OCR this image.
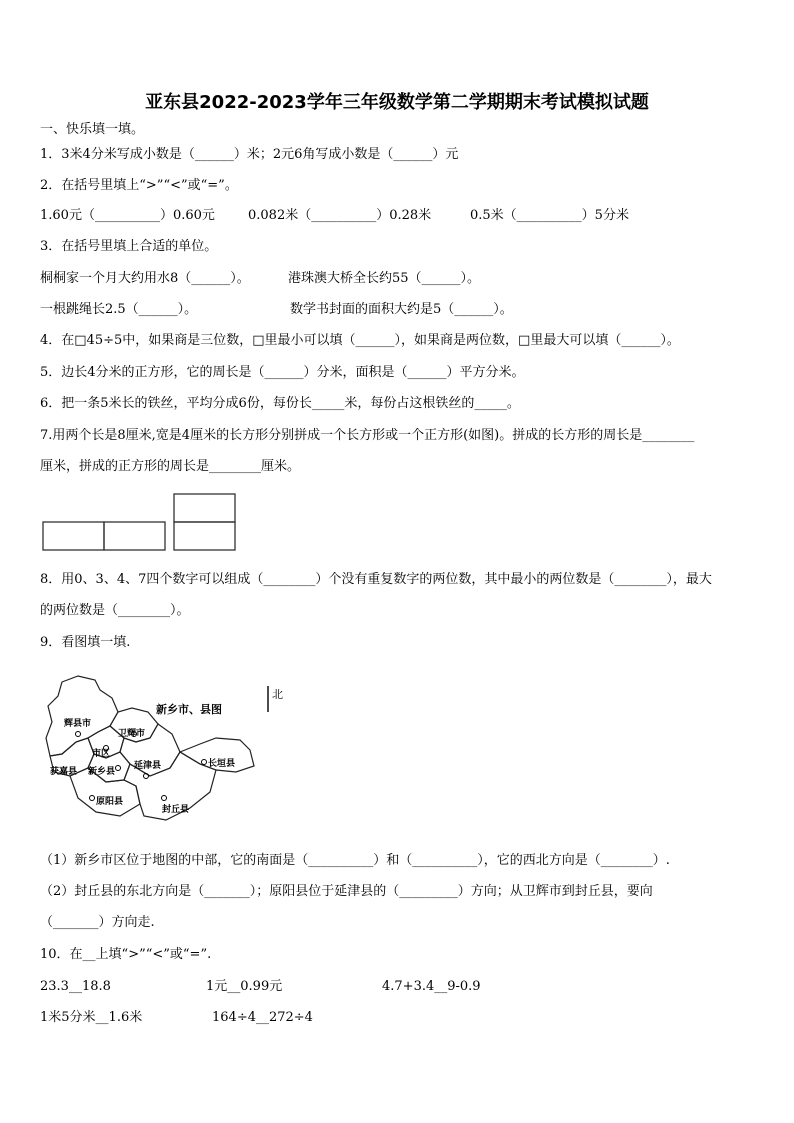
亚东县2022-2023学年三年级数学第二学期期末考试模拟试题
一、快乐填一填。
1．3米4分米写成小数是（______）米；2元6角写成小数是（______）元
2．在括号里填上“>”“<”或“=”。
1.60元（__________）0.60元	0.082米（__________）0.28米	0.5米（__________）5分米
3．在括号里填上合适的单位。
桐桐家一个月大约用水8（______）。	港珠澳大桥全长约55（______）。
一根跳绳长2.5（______）。	数学书封面的面积大约是5（______）。
4．在□45÷5中，如果商是三位数，□里最小可以填（______），如果商是两位数，□里最大可以填（______）。
5．边长4分米的正方形，它的周长是（______）分米，面积是（______）平方分米。
6．把一条5米长的铁丝，平均分成6份，每份长_____米，每份占这根铁丝的_____。
7.用两个长是8厘米,宽是4厘米的长方形分别拼成一个长方形或一个正方形(如图)。拼成的长方形的周长是________
厘米，拼成的正方形的周长是________厘米。
8．用0、3、4、7四个数字可以组成（________）个没有重复数字的两位数，其中最小的两位数是（________），最大
的两位数是（________）。
9．看图填一填.
辉县市
卫辉市
市区
获嘉县 新乡县
延津县	长垣县
原阳县
封丘县
新乡市、县图
北
（1）新乡市区位于地图的中部，它的南面是（__________）和（__________），它的西北方向是（________）.
（2）封丘县的东北方向是（_______）；原阳县位于延津县的（_________）方向；从卫辉市到封丘县，要向
（_______）方向走.
10．在__上填“>”“<”或“=”.
23.3__18.8	1元__0.99元	4.7+3.4__9-0.9
1米5分米__1.6米	164÷4__272÷4
